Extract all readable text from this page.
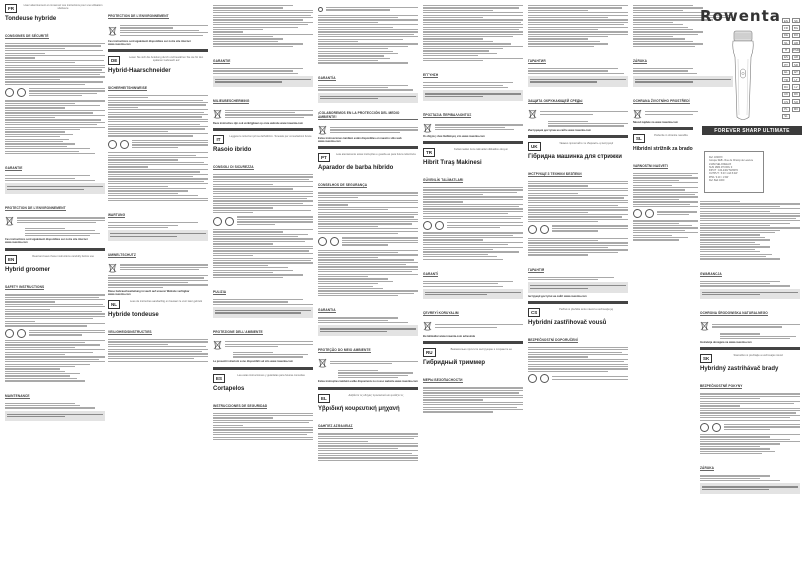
FR
Lisez attentivement et conservez ces instructions pour une utilisation ultérieure
Tondeuse hybride
CONSIGNES DE SÉCURITÉ
GARANTIE
PROTECTION DE L'ENVIRONNEMENT
Ces instructions sont également disponibles sur notre site internet www.rowenta.com
EN
Read and save these instructions carefully before use
Hybrid groomer
SAFETY INSTRUCTIONS
MAINTENANCE
PROTECTION DE L'ENVIRONNEMENT
Ces instructions sont également disponibles sur notre site internet www.rowenta.com
DE
Lesen Sie sich die Anleitung durch und bewahren Sie sie für den späteren Gebrauch auf
Hybrid-Haarschneider
SICHERHEITSHINWEISE
WARTUNG
UMWELTSCHUTZ
Diese Gebrauchsanleitung ist auch auf unserer Website verfügbar www.rowenta.com
NL
Lees de instructies aandachtig en bewaar ze voor later gebruik
Hybride tondeuse
VEILIGHEIDSINSTRUCTIES
GARANTIE
MILIEUBESCHERMING
Deze instructies zijn ook verkrijgbaar op onze website www.rowenta.com
IT
Leggete le istruzioni prima dell'utilizzo. Tenetele per consultazioni future
Rasoio ibrido
CONSIGLI DI SICUREZZA
PULIZIA
PROTEZIONE DELL'AMBIENTE
Le presenti istruzioni sono disponibili sul sito www.rowenta.com
ES
Lea estas instrucciones y guárdelas para futuras consultas
Cortapelos
INSTRUCCIONES DE SEGURIDAD
GARANTÍA
¡COLABOREMOS EN LA PROTECCIÓN DEL MEDIO AMBIENTE!
Estas instrucciones también están disponibles en nuestro sitio web www.rowenta.com
PT
Leia atentamente estas instruções e guarde-as para futura referência
Aparador de barba híbrido
CONSELHOS DE SEGURANÇA
GARANTIA
PROTEÇÃO DO MEIO AMBIENTE
Estas instruções também estão disponíveis no nosso website www.rowenta.com
EL
Διαβάστε τις οδηγίες προσεκτικά και φυλάξτε τις
Υβριδική κουρευτική μηχανή
ΟΔΗΓΙΕΣ ΑΣΦΑΛΕΙΑΣ
ΕΓΓΥΗΣΗ
ΠΡΟΣΤΑΣΙΑ ΠΕΡΙΒΑΛΛΟΝΤΟΣ
Οι οδηγίες είναι διαθέσιμες στο www.rowenta.com
TR
Kullanmadan önce talimatları dikkatlice okuyun
Hibrit Tıraş Makinesi
GÜVENLİK TALİMATLARI
GARANTİ
ÇEVREYİ KORUYALIM
Bu talimatlar www.rowenta.com adresinde
RU
Внимательно прочтите инструкцию и сохраните ее
Гибридный триммер
МЕРЫ БЕЗОПАСНОСТИ
ГАРАНТИЯ
ЗАЩИТА ОКРУЖАЮЩЕЙ СРЕДЫ
Инструкция доступна на сайте www.rowenta.com
UK
Уважно прочитайте та збережіть ці інструкції
Гібридна машинка для стрижки
ІНСТРУКЦІЇ З ТЕХНІКИ БЕЗПЕКИ
ГАРАНТІЯ
Інструкції доступні на сайті www.rowenta.com
CS
Pečlivě si přečtěte tento návod a uschovejte jej
Hybridní zastřihovač vousů
BEZPEČNOSTNÍ DOPORUČENÍ
ZÁRUKA
OCHRANA ŽIVOTNÍHO PROSTŘEDÍ
Návod najdete na www.rowenta.com
SL
Preberite in shranite navodila
Hibridni strižnik za brado
VARNOSTNI NASVETI
GWARANCJA
OCHRONA ŚRODOWISKA NATURALNEGO
Instrukcja dostępna na www.rowenta.com
SK
Starostlivo si prečítajte a uschovajte návod
Hybridný zastrihávač brady
BEZPEČNOSTNÉ POKYNY
ZÁRUKA
Rowenta	EN	SK
FR	BG
DE	RO
NL	HR
IT	PSR
ES	HR
PT	SR
EL	ET
TR	LT
RU	LV
UK	RK
CS	SQ
PL	MK
SL
FOREVER SHARP ULTIMATE
Ref. 1820XX
Groupe SEB - Rue du Champ de Lescure
21260 SELONGEUX
SUN 1880 476 RFU 0
INPUT : 100-240V 50/60Hz
OUTPUT : 5.0V 1.0A 5.0W
IP56 / 0.1F / 1.5W
Ref. Batt 1000
